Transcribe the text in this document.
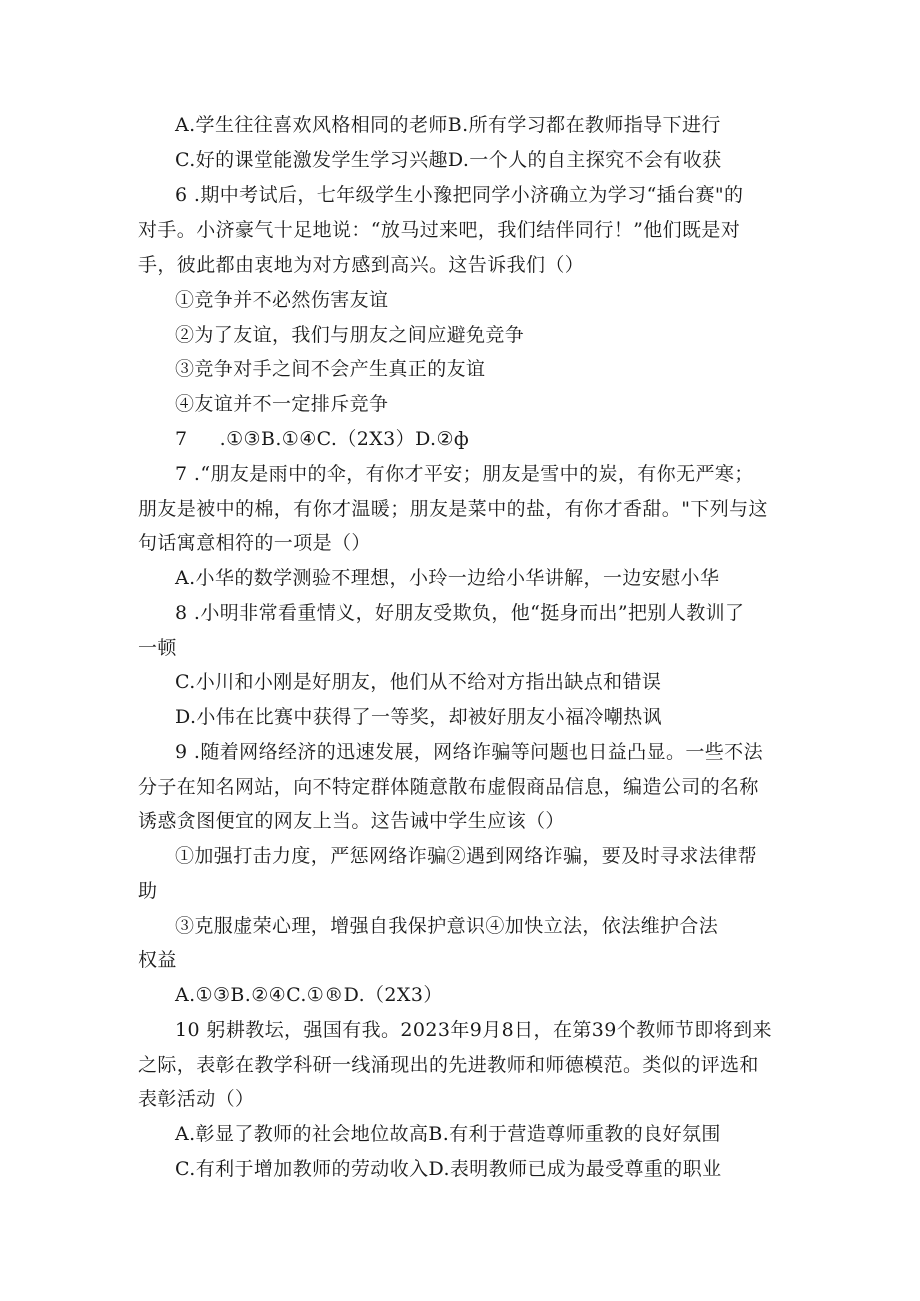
A.学生往往喜欢风格相同的老师B.所有学习都在教师指导下进行
C.好的课堂能激发学生学习兴趣D.一个人的自主探究不会有收获
6 .期中考试后，七年级学生小豫把同学小济确立为学习“插台赛"的
对手。小济豪气十足地说：“放马过来吧，我们结伴同行！”他们既是对
手，彼此都由衷地为对方感到高兴。这告诉我们（）
①竞争并不必然伤害友谊
②为了友谊，我们与朋友之间应避免竞争
③竞争对手之间不会产生真正的友谊
④友谊并不一定排斥竞争
7     .①③B.①④C.（2X3）D.②ф
7 .“朋友是雨中的伞，有你才平安；朋友是雪中的炭，有你无严寒；
朋友是被中的棉，有你才温暖；朋友是菜中的盐，有你才香甜。"下列与这
句话寓意相符的一项是（）
A.小华的数学测验不理想，小玲一边给小华讲解，一边安慰小华
8 .小明非常看重情义，好朋友受欺负，他“挺身而出”把别人教训了
一顿
C.小川和小刚是好朋友，他们从不给对方指出缺点和错误
D.小伟在比赛中获得了一等奖，却被好朋友小福冷嘲热讽
9 .随着网络经济的迅速发展，网络诈骗等问题也日益凸显。一些不法
分子在知名网站，向不特定群体随意散布虚假商品信息，编造公司的名称
诱惑贪图便宜的网友上当。这告诫中学生应该（）
①加强打击力度，严惩网络诈骗②遇到网络诈骗，要及时寻求法律帮
助
③克服虚荣心理，增强自我保护意识④加快立法，依法维护合法
权益
A.①③B.②④C.①®D.（2X3）
10 躬耕教坛，强国有我。2023年9月8日，在第39个教师节即将到来
之际，表彰在教学科研一线涌现出的先进教师和师德模范。类似的评选和
表彰活动（）
A.彰显了教师的社会地位故高B.有利于营造尊师重教的良好氛围
C.有利于增加教师的劳动收入D.表明教师已成为最受尊重的职业
